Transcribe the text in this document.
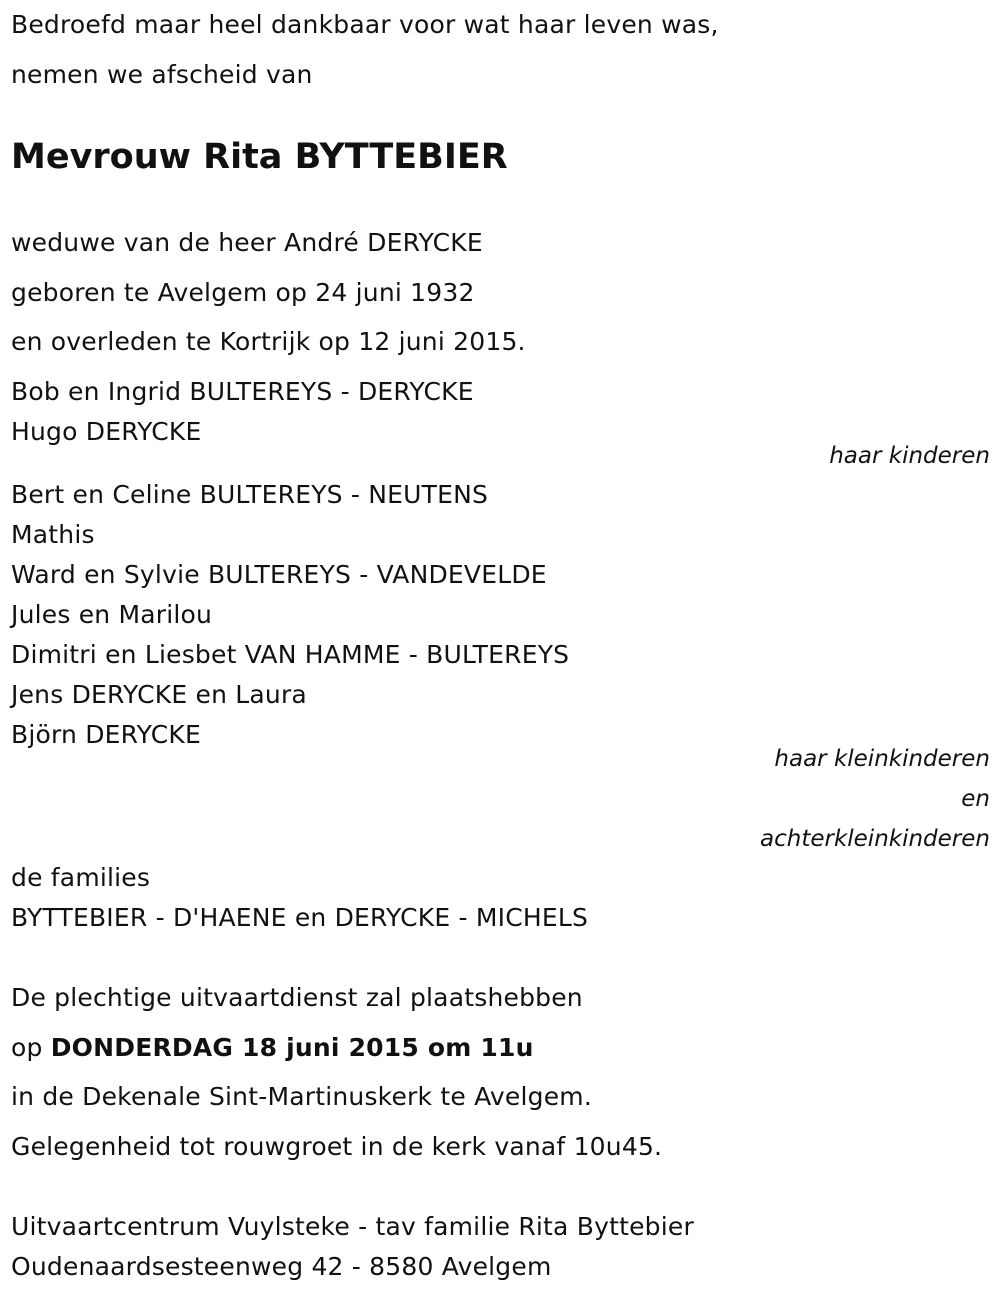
Bedroefd maar heel dankbaar voor wat haar leven was,
nemen we afscheid van
Mevrouw Rita BYTTEBIER
weduwe van de heer André DERYCKE
geboren te Avelgem op 24 juni 1932
en overleden te Kortrijk op 12 juni 2015.
Bob en Ingrid BULTEREYS - DERYCKE
Hugo DERYCKE
haar kinderen
Bert en Celine BULTEREYS - NEUTENS
Mathis
Ward en Sylvie BULTEREYS - VANDEVELDE
Jules en Marilou
Dimitri en Liesbet VAN HAMME - BULTEREYS
Jens DERYCKE en Laura
Björn DERYCKE
haar kleinkinderen
en
achterkleinkinderen
de families
BYTTEBIER - D'HAENE en DERYCKE - MICHELS
De plechtige uitvaartdienst zal plaatshebben
op DONDERDAG 18 juni 2015 om 11u
in de Dekenale Sint-Martinuskerk te Avelgem.
Gelegenheid tot rouwgroet in de kerk vanaf 10u45.
Uitvaartcentrum Vuylsteke - tav familie Rita Byttebier
Oudenaardsesteenweg 42 - 8580 Avelgem
